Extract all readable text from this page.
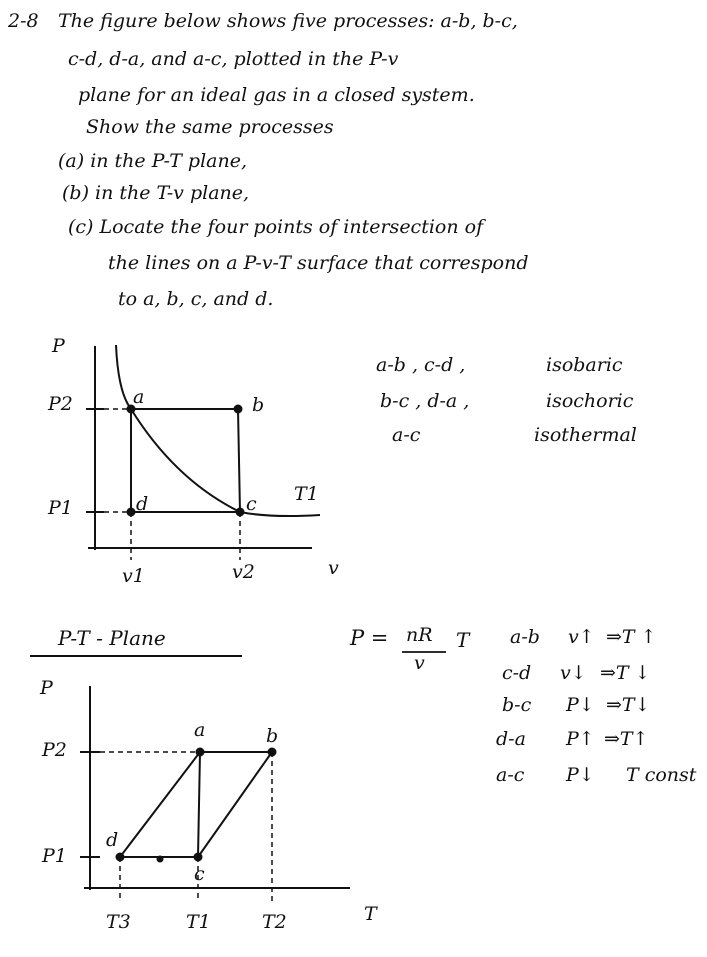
2-8 The figure below shows five processes: a-b, b-c,
c-d, d-a, and a-c, plotted in the P-v
plane for an ideal gas in a closed system.
Show the same processes
(a) in the P-T plane,
(b) in the T-v plane,
(c) Locate the four points of intersection of
the lines on a P-v-T surface that correspond
to a, b, c, and d.
a-b , c-d ,	isobaric
b-c , d-a ,	isochoric
a-c	isothermal
P-T - Plane	P = nR
v
T a-b v↑ ⇒T ↑
c-d v↓ ⇒T ↓
b-c P↓ ⇒T↓
d-a P↑ ⇒T↑
a-c P↓ T const
P
v
P2
P1
v1	v2
a	b
c
d	T1
P
T
P2
P1
T3	T1	T2
a	b
c
d
